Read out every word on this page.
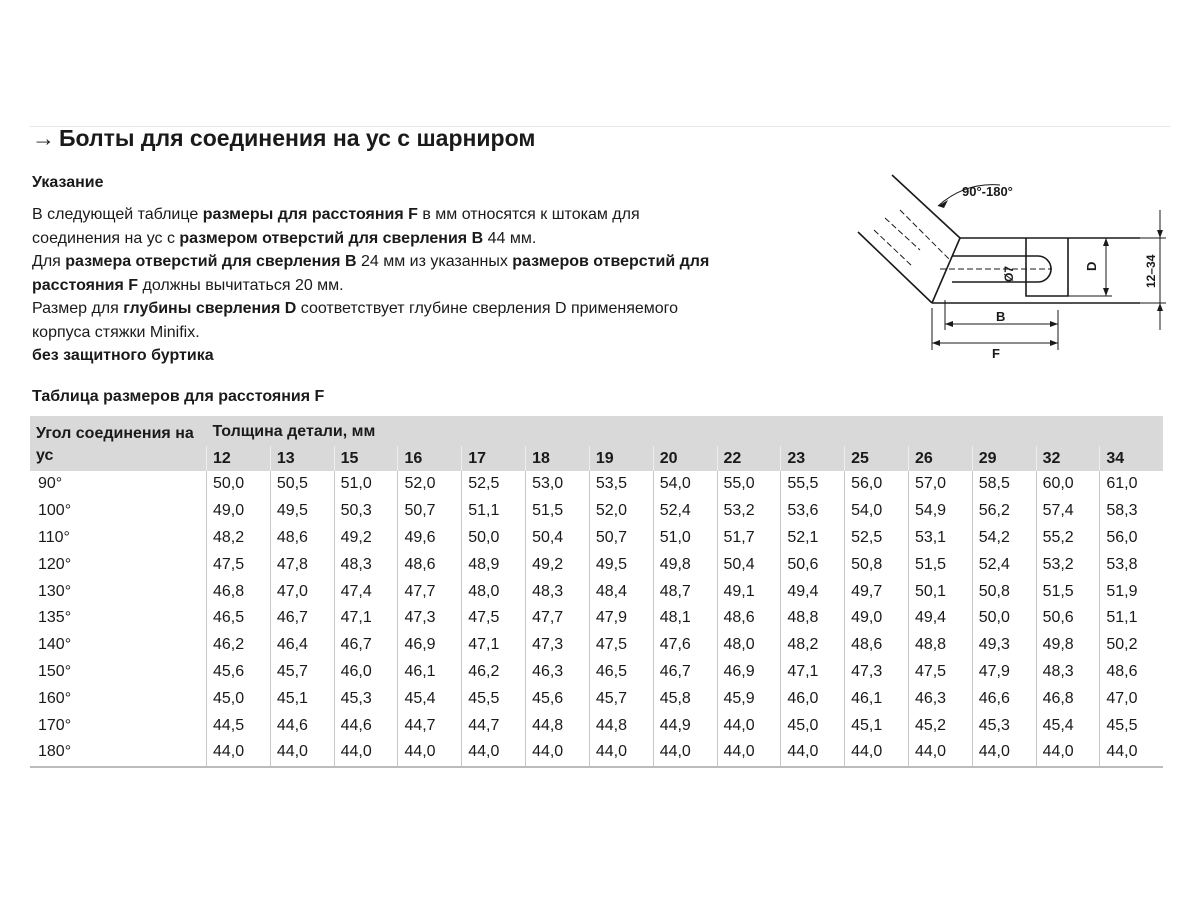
→ Болты для соединения на ус с шарниром
Указание

В следующей таблице размеры для расстояния F в мм относятся к штокам для соединения на ус с размером отверстий для сверления B 44 мм.

Для размера отверстий для сверления B 24 мм из указанных размеров отверстий для расстояния F должны вычитаться 20 мм.

Размер для глубины сверления D соответствует глубине сверления D применяемого корпуса стяжки Minifix.

без защитного буртика

90°-180°
Ø7	D	12–34
B
F
Таблица размеров для расстояния F
Угол соединения на ус	Толщина детали, мм														
	12	13	15	16	17	18	19	20	22	23	25	26	29	32	34
90°	50,0	50,5	51,0	52,0	52,5	53,0	53,5	54,0	55,0	55,5	56,0	57,0	58,5	60,0	61,0
100°	49,0	49,5	50,3	50,7	51,1	51,5	52,0	52,4	53,2	53,6	54,0	54,9	56,2	57,4	58,3
110°	48,2	48,6	49,2	49,6	50,0	50,4	50,7	51,0	51,7	52,1	52,5	53,1	54,2	55,2	56,0
120°	47,5	47,8	48,3	48,6	48,9	49,2	49,5	49,8	50,4	50,6	50,8	51,5	52,4	53,2	53,8
130°	46,8	47,0	47,4	47,7	48,0	48,3	48,4	48,7	49,1	49,4	49,7	50,1	50,8	51,5	51,9
135°	46,5	46,7	47,1	47,3	47,5	47,7	47,9	48,1	48,6	48,8	49,0	49,4	50,0	50,6	51,1
140°	46,2	46,4	46,7	46,9	47,1	47,3	47,5	47,6	48,0	48,2	48,6	48,8	49,3	49,8	50,2
150°	45,6	45,7	46,0	46,1	46,2	46,3	46,5	46,7	46,9	47,1	47,3	47,5	47,9	48,3	48,6
160°	45,0	45,1	45,3	45,4	45,5	45,6	45,7	45,8	45,9	46,0	46,1	46,3	46,6	46,8	47,0
170°	44,5	44,6	44,6	44,7	44,7	44,8	44,8	44,9	44,0	45,0	45,1	45,2	45,3	45,4	45,5
180°	44,0	44,0	44,0	44,0	44,0	44,0	44,0	44,0	44,0	44,0	44,0	44,0	44,0	44,0	44,0
